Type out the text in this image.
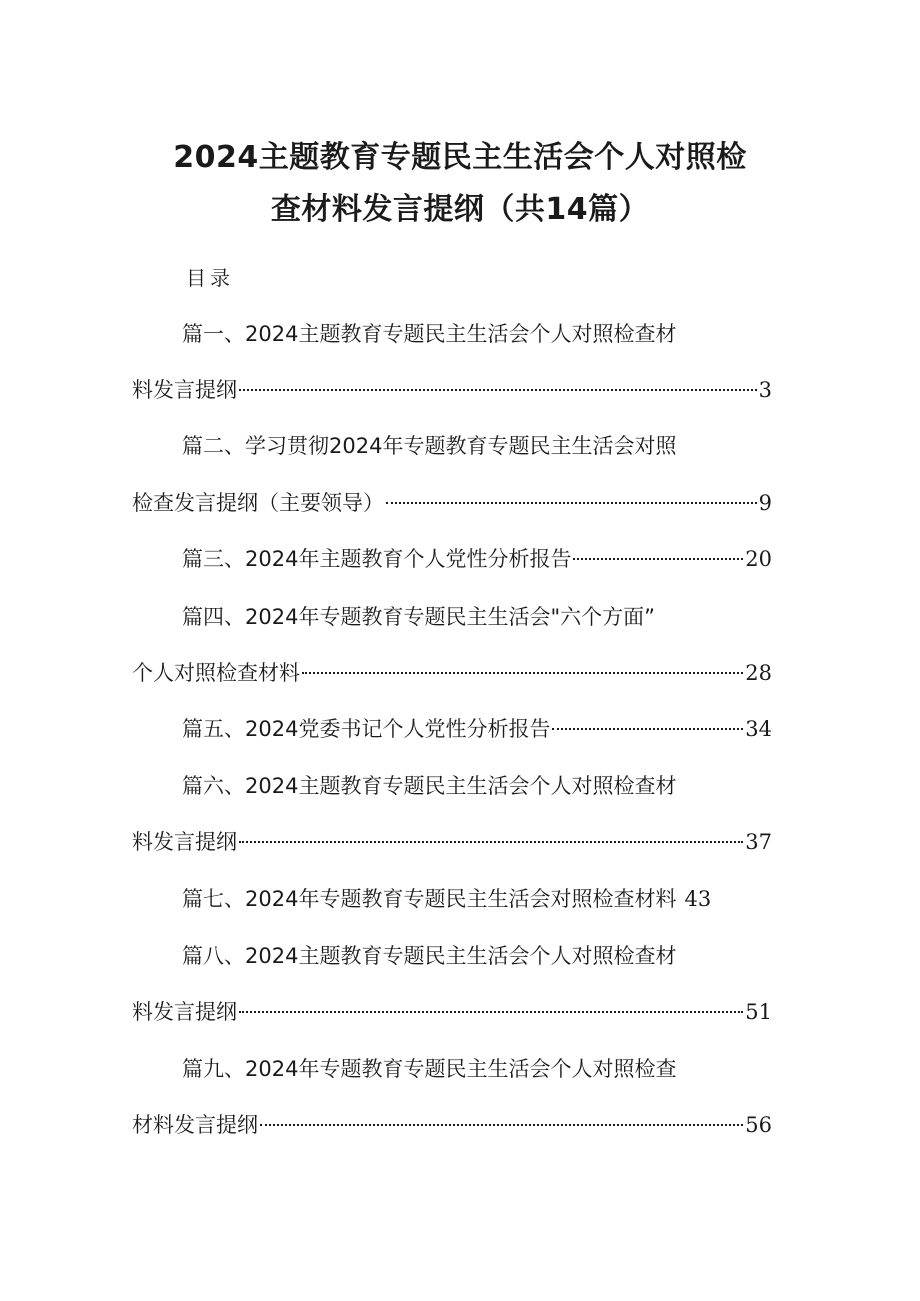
2024主题教育专题民主生活会个人对照检
查材料发言提纲（共14篇）
目录
篇一、2024主题教育专题民主生活会个人对照检查材
料发言提纲	3
篇二、学习贯彻2024年专题教育专题民主生活会对照
检查发言提纲（主要领导）	9
篇三、2024年主题教育个人党性分析报告	20
篇四、2024年专题教育专题民主生活会"六个方面”
个人对照检查材料	28
篇五、2024党委书记个人党性分析报告	34
篇六、2024主题教育专题民主生活会个人对照检查材
料发言提纲	37
篇七、2024年专题教育专题民主生活会对照检查材料 43
篇八、2024主题教育专题民主生活会个人对照检查材
料发言提纲	51
篇九、2024年专题教育专题民主生活会个人对照检查
材料发言提纲	56
